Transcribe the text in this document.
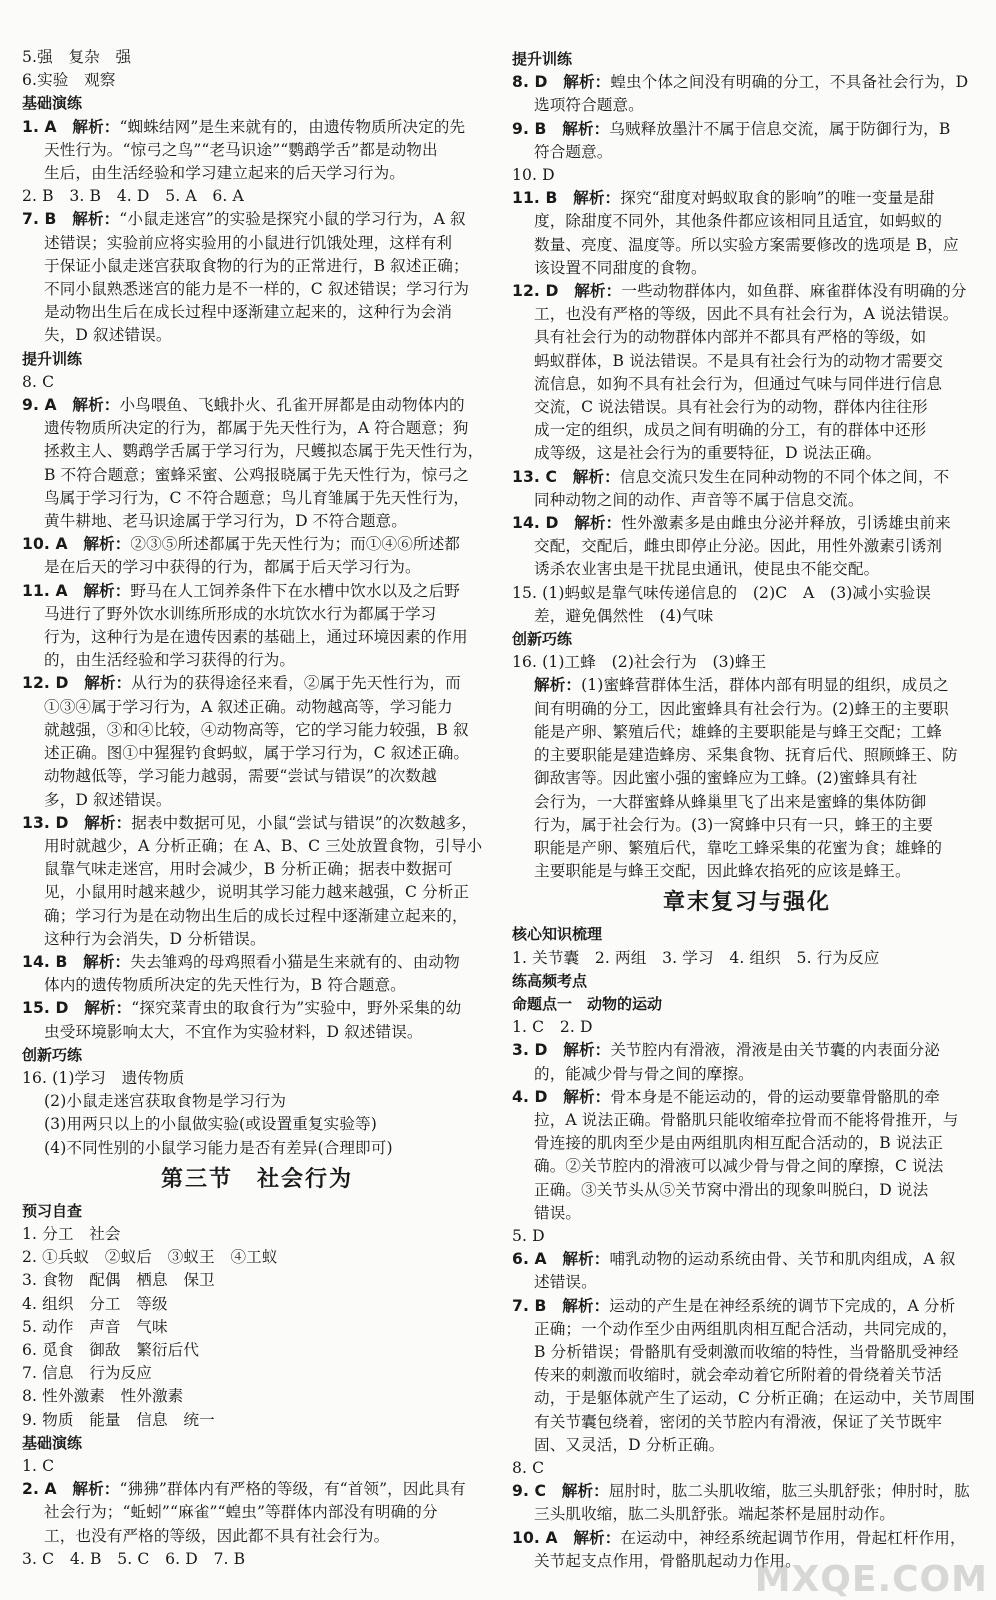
5.强　复杂　强
6.实验　观察
基础演练
1. A　 解析：“蜘蛛结网”是生来就有的，由遗传物质所决定的先
天性行为。“惊弓之鸟”“老马识途”“鹦鹉学舌”都是动物出
生后，由生活经验和学习建立起来的后天学习行为。
2. B　3. B　4. D　5. A　6. A
7. B　 解析：“小鼠走迷宫”的实验是探究小鼠的学习行为，A 叙
述错误；实验前应将实验用的小鼠进行饥饿处理，这样有利
于保证小鼠走迷宫获取食物的行为的正常进行，B 叙述正确；
不同小鼠熟悉迷宫的能力是不一样的，C 叙述错误；学习行为
是动物出生后在成长过程中逐渐建立起来的，这种行为会消
失，D 叙述错误。
提升训练
8. C
9. A　 解析：小鸟喂鱼、飞蛾扑火、孔雀开屏都是由动物体内的
遗传物质所决定的行为，都属于先天性行为，A 符合题意；狗
拯救主人、鹦鹉学舌属于学习行为，尺蠖拟态属于先天性行为，
B 不符合题意；蜜蜂采蜜、公鸡报晓属于先天性行为，惊弓之
鸟属于学习行为，C 不符合题意；鸟儿育雏属于先天性行为，
黄牛耕地、老马识途属于学习行为，D 不符合题意。
10. A　 解析：②③⑤所述都属于先天性行为；而①④⑥所述都
是在后天的学习中获得的行为，都属于后天学习行为。
11. A　 解析：野马在人工饲养条件下在水槽中饮水以及之后野
马进行了野外饮水训练所形成的水坑饮水行为都属于学习
行为，这种行为是在遗传因素的基础上，通过环境因素的作用
的，由生活经验和学习获得的行为。
12. D　 解析：从行为的获得途径来看，②属于先天性行为，而
①③④属于学习行为，A 叙述正确。动物越高等，学习能力
就越强，③和④比较，④动物高等，它的学习能力较强，B 叙
述正确。图①中猩猩钓食蚂蚁，属于学习行为，C 叙述正确。
动物越低等，学习能力越弱，需要“尝试与错误”的次数越
多，D 叙述错误。
13. D　 解析：据表中数据可见，小鼠“尝试与错误”的次数越多，
用时就越少，A 分析正确；在 A、B、C 三处放置食物，引导小
鼠靠气味走迷宫，用时会减少，B 分析正确；据表中数据可
见，小鼠用时越来越少，说明其学习能力越来越强，C 分析正
确；学习行为是在动物出生后的成长过程中逐渐建立起来的，
这种行为会消失，D 分析错误。
14. B　 解析：失去雏鸡的母鸡照看小猫是生来就有的、由动物
体内的遗传物质所决定的先天性行为，B 符合题意。
15. D　 解析：“探究菜青虫的取食行为”实验中，野外采集的幼
虫受环境影响太大，不宜作为实验材料，D 叙述错误。
创新巧练
16. (1)学习　遗传物质
(2)小鼠走迷宫获取食物是学习行为
(3)用两只以上的小鼠做实验(或设置重复实验等)
(4)不同性别的小鼠学习能力是否有差异(合理即可)
第三节　社会行为
预习自查
1. 分工　社会
2. ①兵蚁　②蚁后　③蚁王　④工蚁
3. 食物　配偶　栖息　保卫
4. 组织　分工　等级
5. 动作　声音　气味
6. 觅食　御敌　繁衍后代
7. 信息　行为反应
8. 性外激素　性外激素
9. 物质　能量　信息　统一
基础演练
1. C
2. A　 解析：“狒狒”群体内有严格的等级，有“首领”，因此具有
社会行为；“蚯蚓”“麻雀”“蝗虫”等群体内部没有明确的分
工，也没有严格的等级，因此都不具有社会行为。
3. C　4. B　5. C　6. D　7. B
提升训练
8. D　 解析：蝗虫个体之间没有明确的分工，不具备社会行为，D
选项符合题意。
9. B　 解析：乌贼释放墨汁不属于信息交流，属于防御行为，B
符合题意。
10. D
11. B　 解析：探究“甜度对蚂蚁取食的影响”的唯一变量是甜
度，除甜度不同外，其他条件都应该相同且适宜，如蚂蚁的
数量、亮度、温度等。所以实验方案需要修改的选项是 B，应
该设置不同甜度的食物。
12. D　 解析：一些动物群体内，如鱼群、麻雀群体没有明确的分
工，也没有严格的等级，因此不具有社会行为，A 说法错误。
具有社会行为的动物群体内部并不都具有严格的等级，如
蚂蚁群体，B 说法错误。不是具有社会行为的动物才需要交
流信息，如狗不具有社会行为，但通过气味与同伴进行信息
交流，C 说法错误。具有社会行为的动物，群体内往往形
成一定的组织，成员之间有明确的分工，有的群体中还形
成等级，这是社会行为的重要特征，D 说法正确。
13. C　 解析：信息交流只发生在同种动物的不同个体之间，不
同种动物之间的动作、声音等不属于信息交流。
14. D　 解析：性外激素多是由雌虫分泌并释放，引诱雄虫前来
交配，交配后，雌虫即停止分泌。因此，用性外激素引诱剂
诱杀农业害虫是干扰昆虫通讯，使昆虫不能交配。
15. (1)蚂蚁是靠气味传递信息的　(2)C　A　(3)减小实验误
差，避免偶然性　(4)气味
创新巧练
16. (1)工蜂　(2)社会行为　(3)蜂王
解析：(1)蜜蜂营群体生活，群体内部有明显的组织，成员之
间有明确的分工，因此蜜蜂具有社会行为。(2)蜂王的主要职
能是产卵、繁殖后代；雄蜂的主要职能是与蜂王交配；工蜂
的主要职能是建造蜂房、采集食物、抚育后代、照顾蜂王、防
御敌害等。因此蜜小强的蜜蜂应为工蜂。(2)蜜蜂具有社
会行为，一大群蜜蜂从蜂巢里飞了出来是蜜蜂的集体防御
行为，属于社会行为。(3)一窝蜂中只有一只，蜂王的主要
职能是产卵、繁殖后代，靠吃工蜂采集的花蜜为食；雄蜂的
主要职能是与蜂王交配，因此蜂农掐死的应该是蜂王。
章末复习与强化
核心知识梳理
1. 关节囊　2. 两组　3. 学习　4. 组织　5. 行为反应
练高频考点
命题点一　动物的运动
1. C　2. D
3. D　 解析：关节腔内有滑液，滑液是由关节囊的内表面分泌
的，能减少骨与骨之间的摩擦。
4. D　 解析：骨本身是不能运动的，骨的运动要靠骨骼肌的牵
拉，A 说法正确。骨骼肌只能收缩牵拉骨而不能将骨推开，与
骨连接的肌肉至少是由两组肌肉相互配合活动的，B 说法正
确。②关节腔内的滑液可以减少骨与骨之间的摩擦，C 说法
正确。③关节头从⑤关节窝中滑出的现象叫脱臼，D 说法
错误。
5. D
6. A　 解析：哺乳动物的运动系统由骨、关节和肌肉组成，A 叙
述错误。
7. B　 解析：运动的产生是在神经系统的调节下完成的，A 分析
正确；一个动作至少由两组肌肉相互配合活动，共同完成的，
B 分析错误；骨骼肌有受刺激而收缩的特性，当骨骼肌受神经
传来的刺激而收缩时，就会牵动着它所附着的骨绕着关节活
动，于是躯体就产生了运动，C 分析正确；在运动中，关节周围
有关节囊包绕着，密闭的关节腔内有滑液，保证了关节既牢
固、又灵活，D 分析正确。
8. C
9. C　 解析：屈肘时，肱二头肌收缩，肱三头肌舒张；伸肘时，肱
三头肌收缩，肱二头肌舒张。端起茶杯是屈肘动作。
10. A　 解析：在运动中，神经系统起调节作用，骨起杠杆作用，
关节起支点作用，骨骼肌起动力作用。
MXQE.COM
